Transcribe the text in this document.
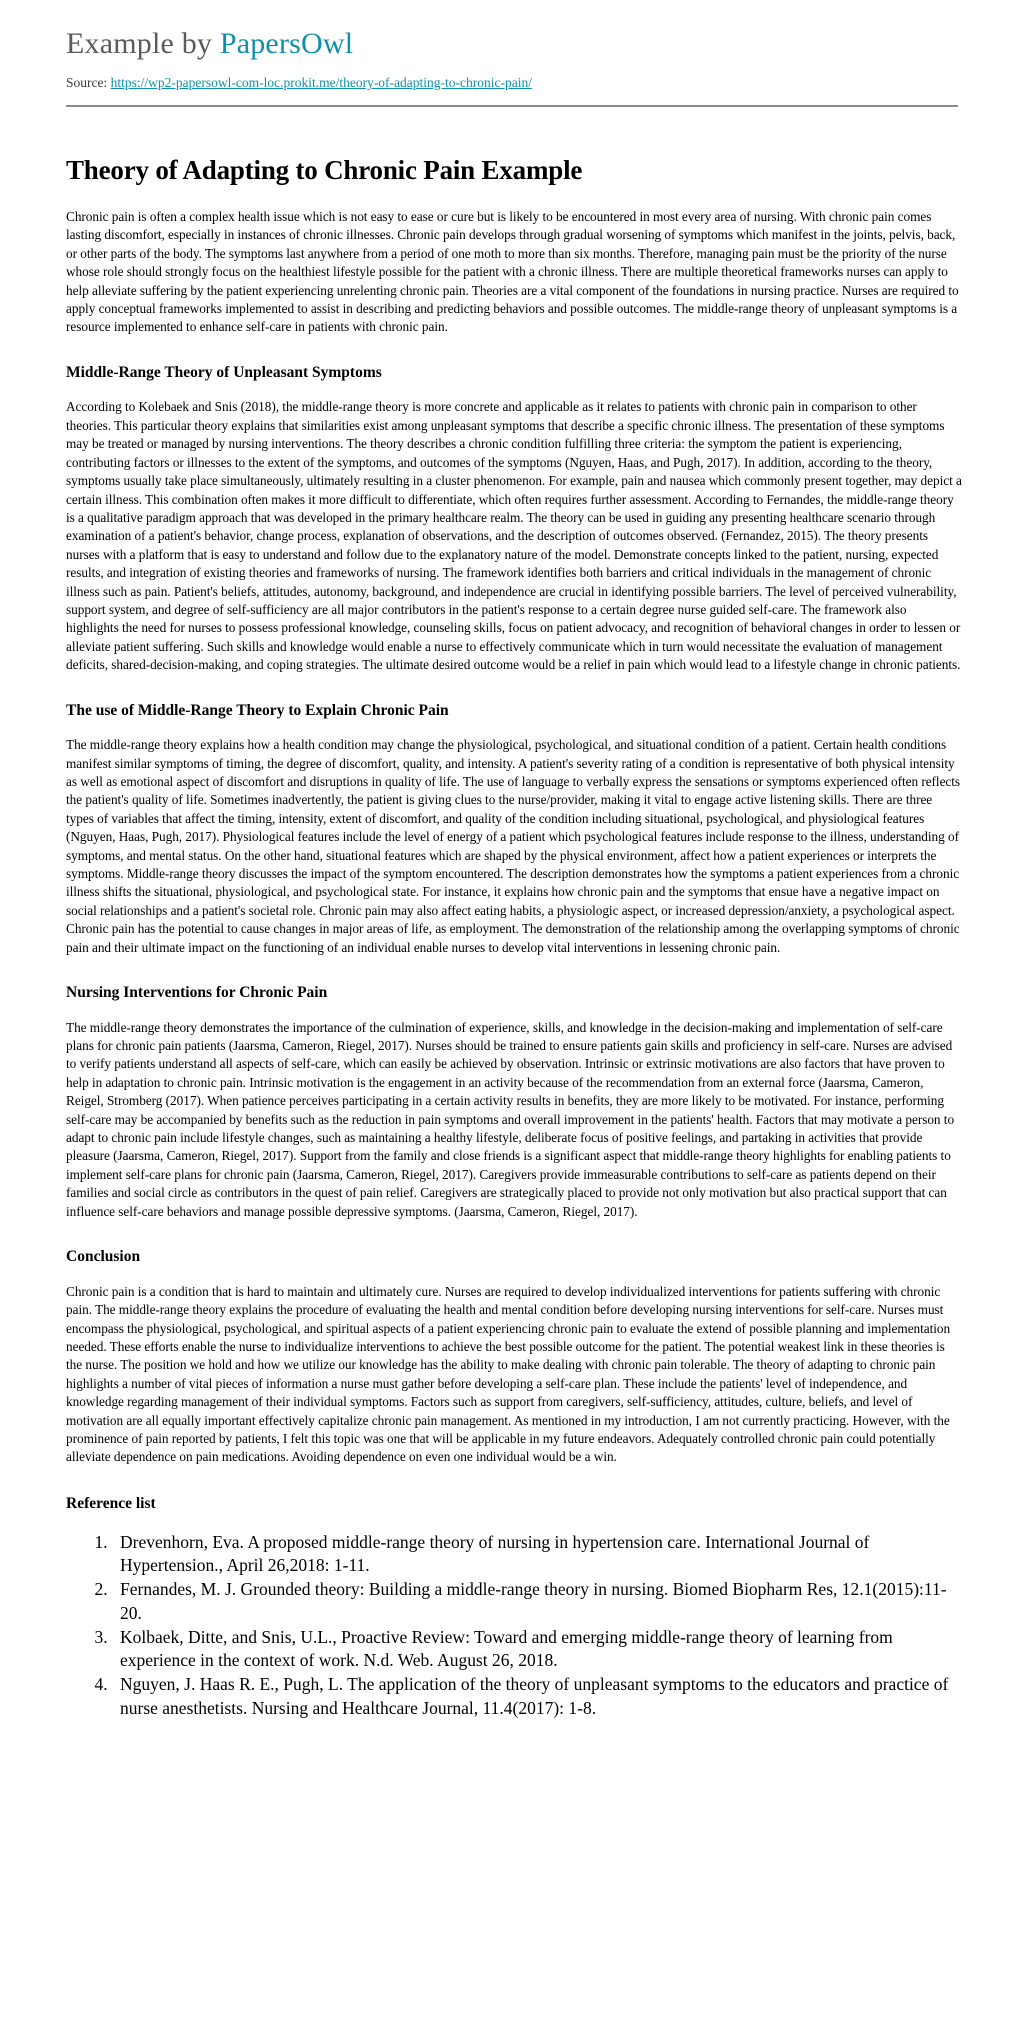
Example by PapersOwl
Source: https://wp2-papersowl-com-loc.prokit.me/theory-of-adapting-to-chronic-pain/
Theory of Adapting to Chronic Pain Example

Chronic pain is often a complex health issue which is not easy to ease or cure but is likely to be encountered in most every area of nursing. With chronic pain comes lasting discomfort, especially in instances of chronic illnesses. Chronic pain develops through gradual worsening of symptoms which manifest in the joints, pelvis, back, or other parts of the body. The symptoms last anywhere from a period of one moth to more than six months. Therefore, managing pain must be the priority of the nurse whose role should strongly focus on the healthiest lifestyle possible for the patient with a chronic illness. There are multiple theoretical frameworks nurses can apply to help alleviate suffering by the patient experiencing unrelenting chronic pain. Theories are a vital component of the foundations in nursing practice. Nurses are required to apply conceptual frameworks implemented to assist in describing and predicting behaviors and possible outcomes. The middle-range theory of unpleasant symptoms is a resource implemented to enhance self-care in patients with chronic pain.

Middle-Range Theory of Unpleasant Symptoms

According to Kolebaek and Snis (2018), the middle-range theory is more concrete and applicable as it relates to patients with chronic pain in comparison to other theories. This particular theory explains that similarities exist among unpleasant symptoms that describe a specific chronic illness. The presentation of these symptoms may be treated or managed by nursing interventions. The theory describes a chronic condition fulfilling three criteria: the symptom the patient is experiencing, contributing factors or illnesses to the extent of the symptoms, and outcomes of the symptoms (Nguyen, Haas, and Pugh, 2017). In addition, according to the theory, symptoms usually take place simultaneously, ultimately resulting in a cluster phenomenon. For example, pain and nausea which commonly present together, may depict a certain illness. This combination often makes it more difficult to differentiate, which often requires further assessment. According to Fernandes, the middle-range theory is a qualitative paradigm approach that was developed in the primary healthcare realm. The theory can be used in guiding any presenting healthcare scenario through examination of a patient's behavior, change process, explanation of observations, and the description of outcomes observed. (Fernandez, 2015). The theory presents nurses with a platform that is easy to understand and follow due to the explanatory nature of the model. Demonstrate concepts linked to the patient, nursing, expected results, and integration of existing theories and frameworks of nursing. The framework identifies both barriers and critical individuals in the management of chronic illness such as pain. Patient's beliefs, attitudes, autonomy, background, and independence are crucial in identifying possible barriers. The level of perceived vulnerability, support system, and degree of self-sufficiency are all major contributors in the patient's response to a certain degree nurse guided self-care. The framework also highlights the need for nurses to possess professional knowledge, counseling skills, focus on patient advocacy, and recognition of behavioral changes in order to lessen or alleviate patient suffering. Such skills and knowledge would enable a nurse to effectively communicate which in turn would necessitate the evaluation of management deficits, shared-decision-making, and coping strategies. The ultimate desired outcome would be a relief in pain which would lead to a lifestyle change in chronic patients.

The use of Middle-Range Theory to Explain Chronic Pain

The middle-range theory explains how a health condition may change the physiological, psychological, and situational condition of a patient. Certain health conditions manifest similar symptoms of timing, the degree of discomfort, quality, and intensity. A patient's severity rating of a condition is representative of both physical intensity as well as emotional aspect of discomfort and disruptions in quality of life. The use of language to verbally express the sensations or symptoms experienced often reflects the patient's quality of life. Sometimes inadvertently, the patient is giving clues to the nurse/provider, making it vital to engage active listening skills. There are three types of variables that affect the timing, intensity, extent of discomfort, and quality of the condition including situational, psychological, and physiological features (Nguyen, Haas, Pugh, 2017). Physiological features include the level of energy of a patient which psychological features include response to the illness, understanding of symptoms, and mental status. On the other hand, situational features which are shaped by the physical environment, affect how a patient experiences or interprets the symptoms. Middle-range theory discusses the impact of the symptom encountered. The description demonstrates how the symptoms a patient experiences from a chronic illness shifts the situational, physiological, and psychological state. For instance, it explains how chronic pain and the symptoms that ensue have a negative impact on social relationships and a patient's societal role. Chronic pain may also affect eating habits, a physiologic aspect, or increased depression/anxiety, a psychological aspect. Chronic pain has the potential to cause changes in major areas of life, as employment. The demonstration of the relationship among the overlapping symptoms of chronic pain and their ultimate impact on the functioning of an individual enable nurses to develop vital interventions in lessening chronic pain.

Nursing Interventions for Chronic Pain

The middle-range theory demonstrates the importance of the culmination of experience, skills, and knowledge in the decision-making and implementation of self-care plans for chronic pain patients (Jaarsma, Cameron, Riegel, 2017). Nurses should be trained to ensure patients gain skills and proficiency in self-care. Nurses are advised to verify patients understand all aspects of self-care, which can easily be achieved by observation. Intrinsic or extrinsic motivations are also factors that have proven to help in adaptation to chronic pain. Intrinsic motivation is the engagement in an activity because of the recommendation from an external force (Jaarsma, Cameron, Reigel, Stromberg (2017). When patience perceives participating in a certain activity results in benefits, they are more likely to be motivated. For instance, performing self-care may be accompanied by benefits such as the reduction in pain symptoms and overall improvement in the patients' health. Factors that may motivate a person to adapt to chronic pain include lifestyle changes, such as maintaining a healthy lifestyle, deliberate focus of positive feelings, and partaking in activities that provide pleasure (Jaarsma, Cameron, Riegel, 2017). Support from the family and close friends is a significant aspect that middle-range theory highlights for enabling patients to implement self-care plans for chronic pain (Jaarsma, Cameron, Riegel, 2017). Caregivers provide immeasurable contributions to self-care as patients depend on their families and social circle as contributors in the quest of pain relief. Caregivers are strategically placed to provide not only motivation but also practical support that can influence self-care behaviors and manage possible depressive symptoms. (Jaarsma, Cameron, Riegel, 2017).

Conclusion

Chronic pain is a condition that is hard to maintain and ultimately cure. Nurses are required to develop individualized interventions for patients suffering with chronic pain. The middle-range theory explains the procedure of evaluating the health and mental condition before developing nursing interventions for self-care. Nurses must encompass the physiological, psychological, and spiritual aspects of a patient experiencing chronic pain to evaluate the extend of possible planning and implementation needed. These efforts enable the nurse to individualize interventions to achieve the best possible outcome for the patient. The potential weakest link in these theories is the nurse. The position we hold and how we utilize our knowledge has the ability to make dealing with chronic pain tolerable. The theory of adapting to chronic pain highlights a number of vital pieces of information a nurse must gather before developing a self-care plan. These include the patients' level of independence, and knowledge regarding management of their individual symptoms. Factors such as support from caregivers, self-sufficiency, attitudes, culture, beliefs, and level of motivation are all equally important effectively capitalize chronic pain management. As mentioned in my introduction, I am not currently practicing. However, with the prominence of pain reported by patients, I felt this topic was one that will be applicable in my future endeavors. Adequately controlled chronic pain could potentially alleviate dependence on pain medications. Avoiding dependence on even one individual would be a win.

Reference list
1. Drevenhorn, Eva. A proposed middle-range theory of nursing in hypertension care. International Journal of Hypertension., April 26,2018: 1-11.
2. Fernandes, M. J. Grounded theory: Building a middle-range theory in nursing. Biomed Biopharm Res, 12.1(2015):11-20.
3. Kolbaek, Ditte, and Snis, U.L., Proactive Review: Toward and emerging middle-range theory of learning from experience in the context of work. N.d. Web. August 26, 2018.
4. Nguyen, J. Haas R. E., Pugh, L. The application of the theory of unpleasant symptoms to the educators and practice of nurse anesthetists. Nursing and Healthcare Journal, 11.4(2017): 1-8.
